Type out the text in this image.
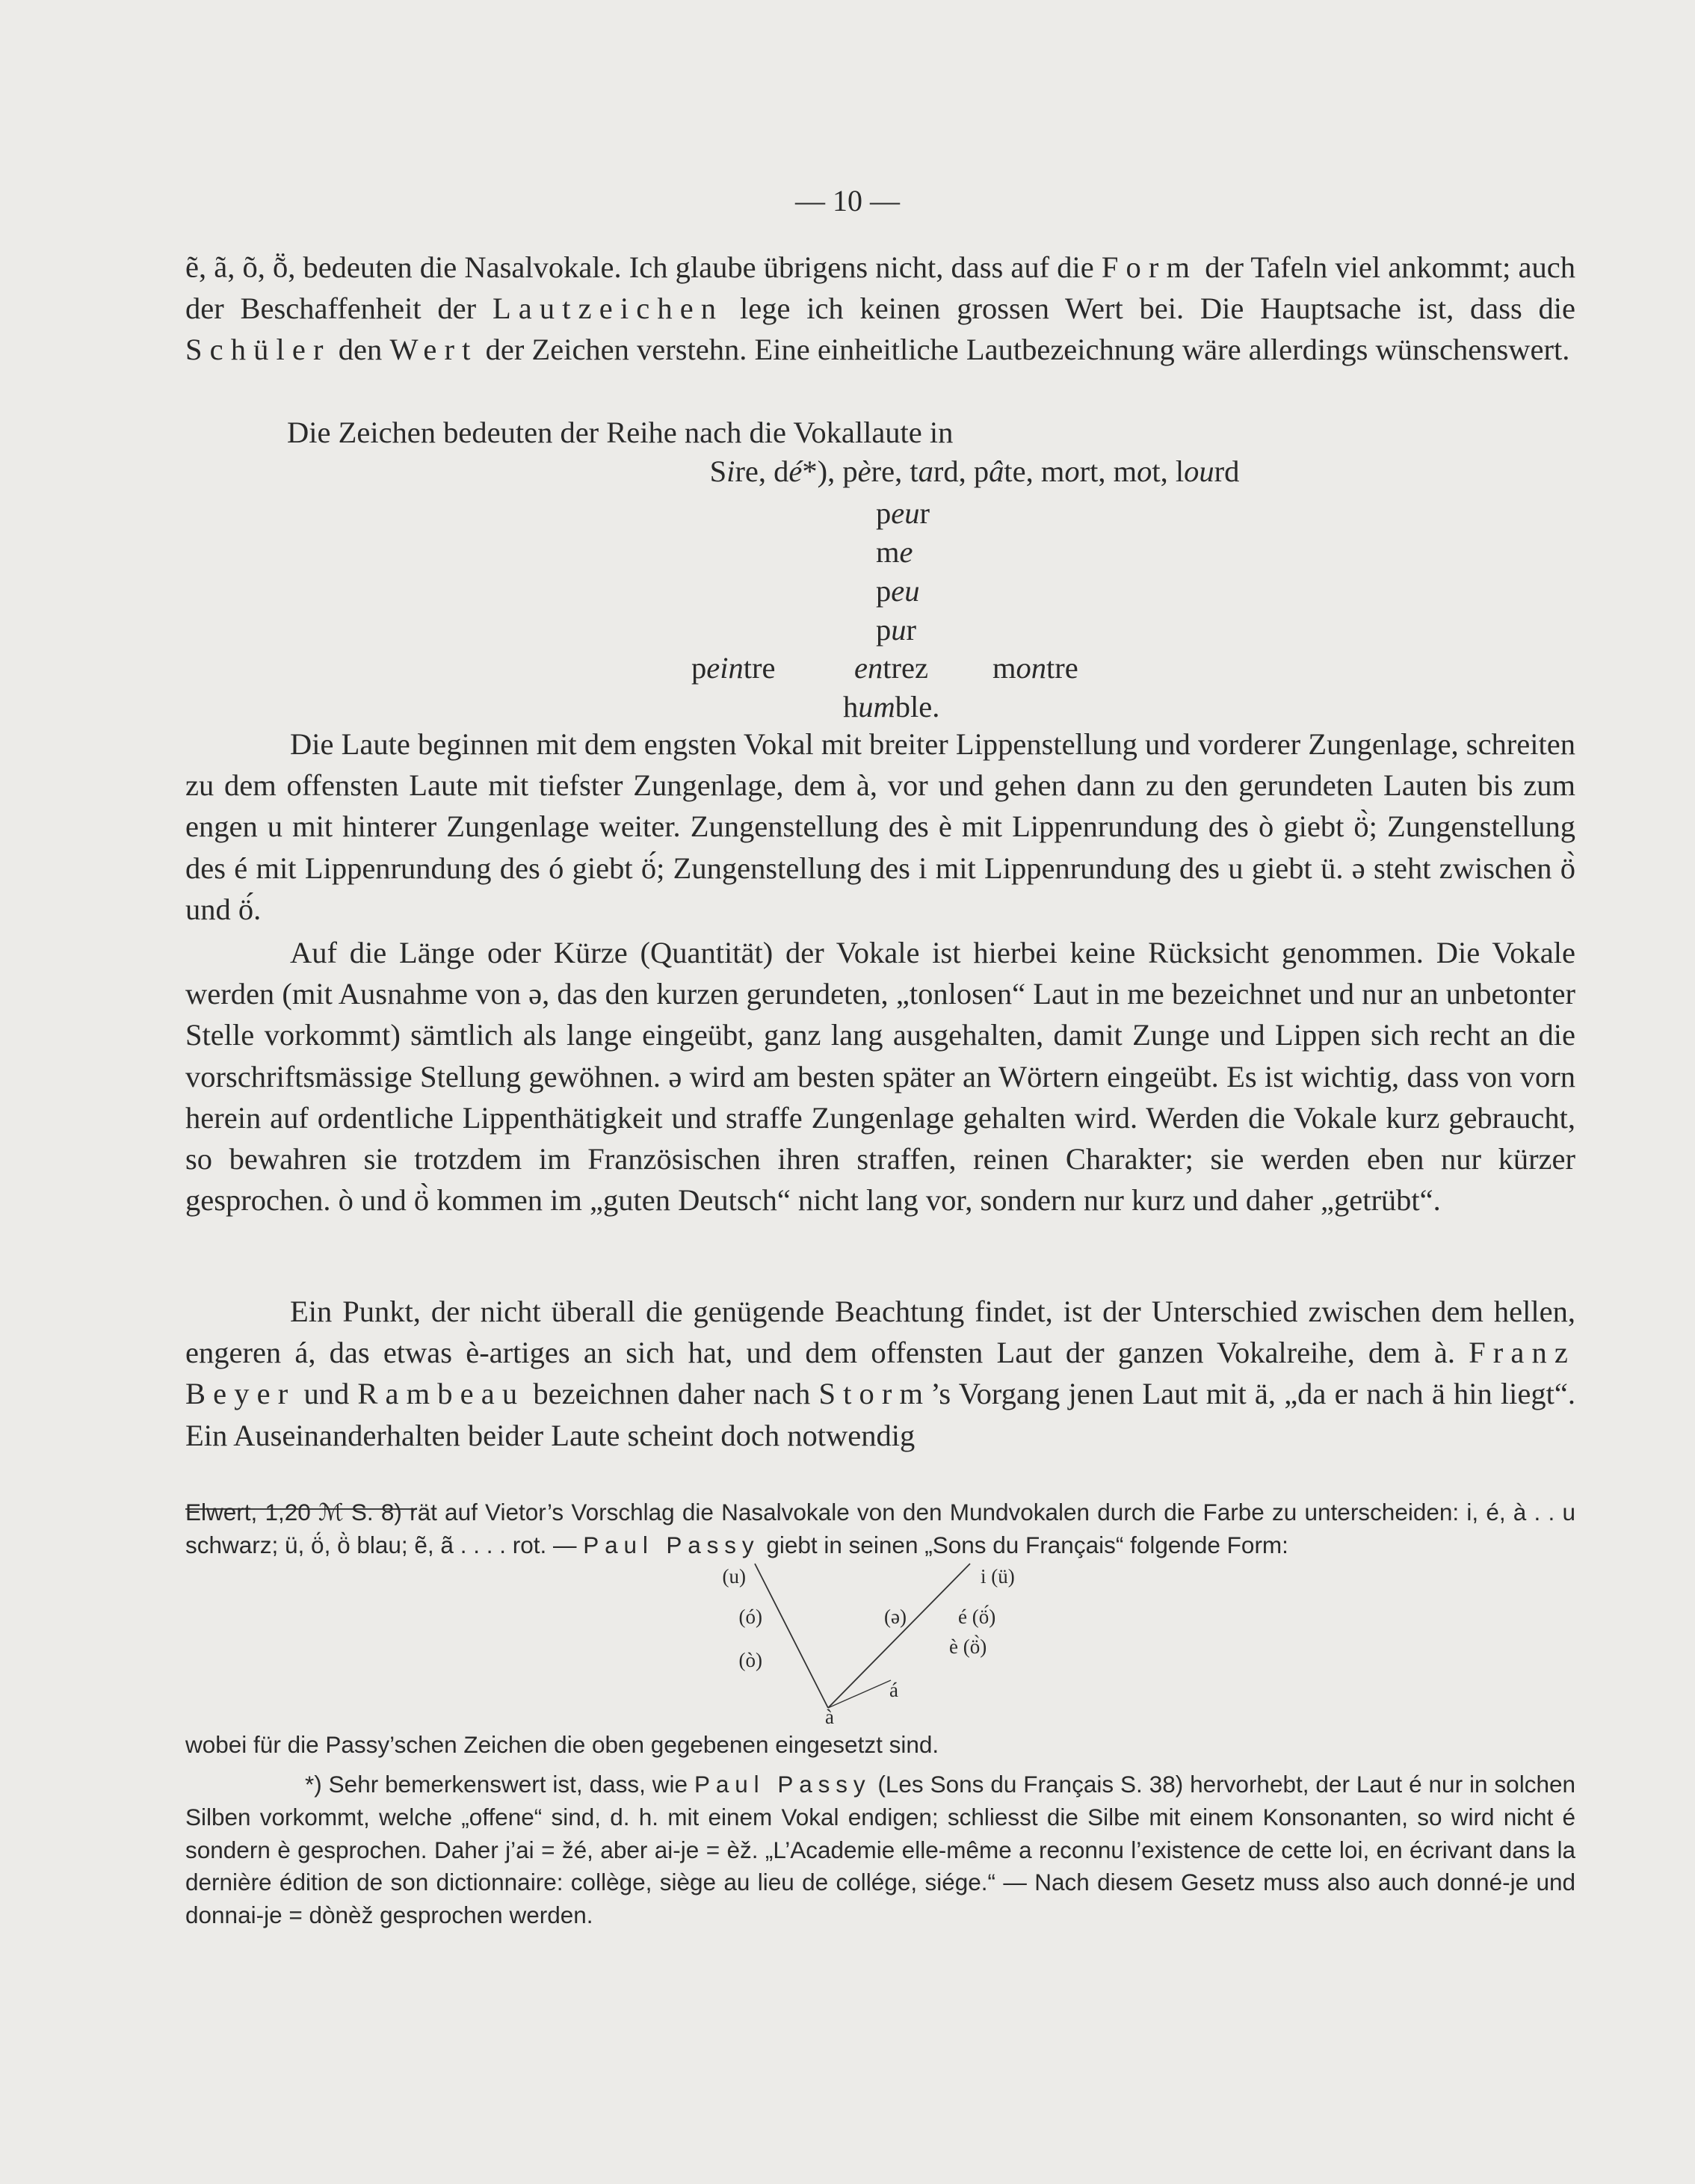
— 10 —

ẽ, ã, õ, ṏ, bedeuten die Nasalvokale. Ich glaube übrigens nicht, dass auf die Form der Tafeln viel ankommt; auch der Beschaffenheit der Lautzeichen lege ich keinen grossen Wert bei. Die Hauptsache ist, dass die Schüler den Wert der Zeichen verstehn. Eine einheitliche Lautbezeichnung wäre allerdings wünschenswert.

Die Zeichen bedeuten der Reihe nach die Vokallaute in

Sire, dé*), père, tard, pâte, mort, mot, lourd
peur
me
peu
pur
peintre	entrez montre
humble.

Die Laute beginnen mit dem engsten Vokal mit breiter Lippenstellung und vorderer Zungenlage, schreiten zu dem offensten Laute mit tiefster Zungenlage, dem à, vor und gehen dann zu den gerundeten Lauten bis zum engen u mit hinterer Zungenlage weiter. Zungenstellung des è mit Lippenrundung des ò giebt ö̀; Zungenstellung des é mit Lippenrundung des ó giebt ö́; Zungenstellung des i mit Lippenrundung des u giebt ü. ə steht zwischen ö̀ und ö́.

Auf die Länge oder Kürze (Quantität) der Vokale ist hierbei keine Rücksicht genommen. Die Vokale werden (mit Ausnahme von ə, das den kurzen gerundeten, „tonlosen“ Laut in me bezeichnet und nur an unbetonter Stelle vorkommt) sämtlich als lange eingeübt, ganz lang ausgehalten, damit Zunge und Lippen sich recht an die vorschriftsmässige Stellung gewöhnen. ə wird am besten später an Wörtern eingeübt. Es ist wichtig, dass von vorn herein auf ordentliche Lippenthätigkeit und straffe Zungenlage gehalten wird. Werden die Vokale kurz gebraucht, so bewahren sie trotzdem im Französischen ihren straffen, reinen Charakter; sie werden eben nur kürzer gesprochen. ò und ö̀ kommen im „guten Deutsch“ nicht lang vor, sondern nur kurz und daher „getrübt“.

Ein Punkt, der nicht überall die genügende Beachtung findet, ist der Unterschied zwischen dem hellen, engeren á, das etwas è-artiges an sich hat, und dem offensten Laut der ganzen Vokalreihe, dem à. Franz Beyer und Rambeau bezeichnen daher nach Storm’s Vorgang jenen Laut mit ä, „da er nach ä hin liegt“. Ein Auseinanderhalten beider Laute scheint doch notwendig

Elwert, 1,20 ℳ S. 8) rät auf Vietor’s Vorschlag die Nasalvokale von den Mundvokalen durch die Farbe zu unterscheiden: i, é, à . . u schwarz; ü, ö́, ö̀ blau; ẽ, ã . . . . rot. — Paul Passy giebt in seinen „Sons du Français“ folgende Form:

(u)
(ó)
(ò)
i (ü)
é (ö́)
è (ö̀)
(ə)
á
à

wobei für die Passy’schen Zeichen die oben gegebenen eingesetzt sind.

*) Sehr bemerkenswert ist, dass, wie Paul Passy (Les Sons du Français S. 38) hervorhebt, der Laut é nur in solchen Silben vorkommt, welche „offene“ sind, d. h. mit einem Vokal endigen; schliesst die Silbe mit einem Konsonanten, so wird nicht é sondern è gesprochen. Daher j’ai = žé, aber ai-je = èž. „L’Academie elle-même a reconnu l’existence de cette loi, en écrivant dans la dernière édition de son dictionnaire: collège, siège au lieu de collége, siége.“ — Nach diesem Gesetz muss also auch donné-je und donnai-je = dònèž gesprochen werden.
